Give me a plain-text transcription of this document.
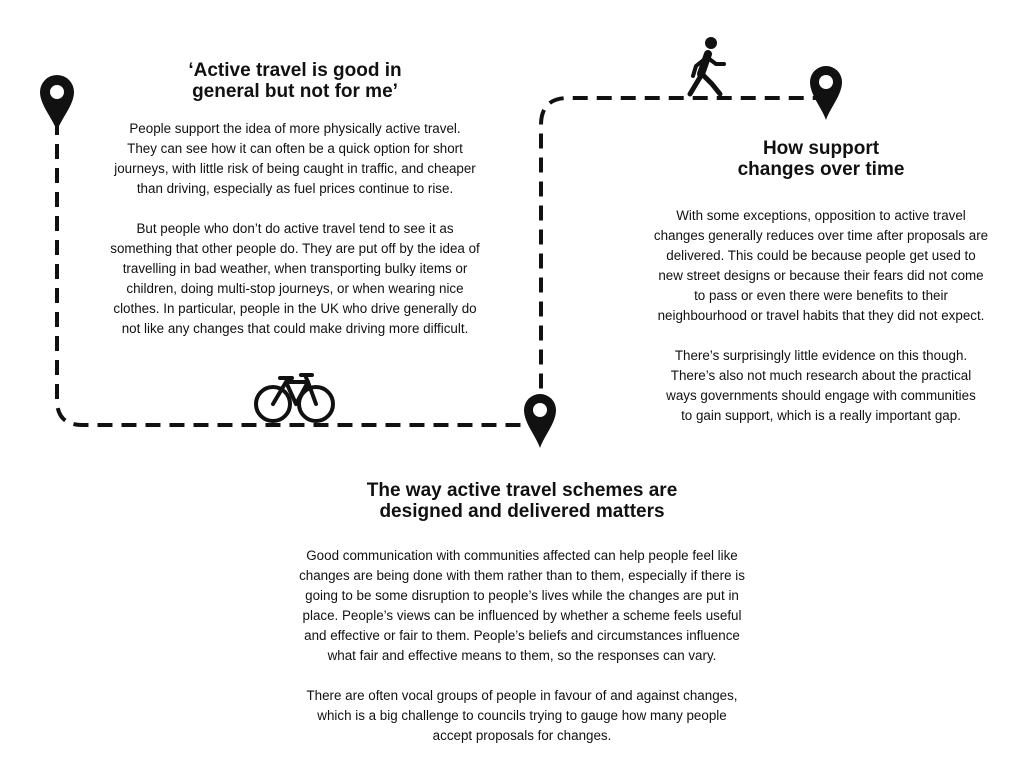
‘Active travel is good in
general but not for me’

People support the idea of more physically active travel.
They can see how it can often be a quick option for short
journeys, with little risk of being caught in traffic, and cheaper
than driving, especially as fuel prices continue to rise.

But people who don’t do active travel tend to see it as
something that other people do. They are put off by the idea of
travelling in bad weather, when transporting bulky items or
children, doing multi-stop journeys, or when wearing nice
clothes. In particular, people in the UK who drive generally do
not like any changes that could make driving more difficult.

How support
changes over time

With some exceptions, opposition to active travel
changes generally reduces over time after proposals are
delivered. This could be because people get used to
new street designs or because their fears did not come
to pass or even there were benefits to their
neighbourhood or travel habits that they did not expect.

There’s surprisingly little evidence on this though.
There’s also not much research about the practical
ways governments should engage with communities
to gain support, which is a really important gap.

The way active travel schemes are
designed and delivered matters

Good communication with communities affected can help people feel like
changes are being done with them rather than to them, especially if there is
going to be some disruption to people’s lives while the changes are put in
place. People’s views can be influenced by whether a scheme feels useful
and effective or fair to them. People’s beliefs and circumstances influence
what fair and effective means to them, so the responses can vary.

There are often vocal groups of people in favour of and against changes,
which is a big challenge to councils trying to gauge how many people
accept proposals for changes.
